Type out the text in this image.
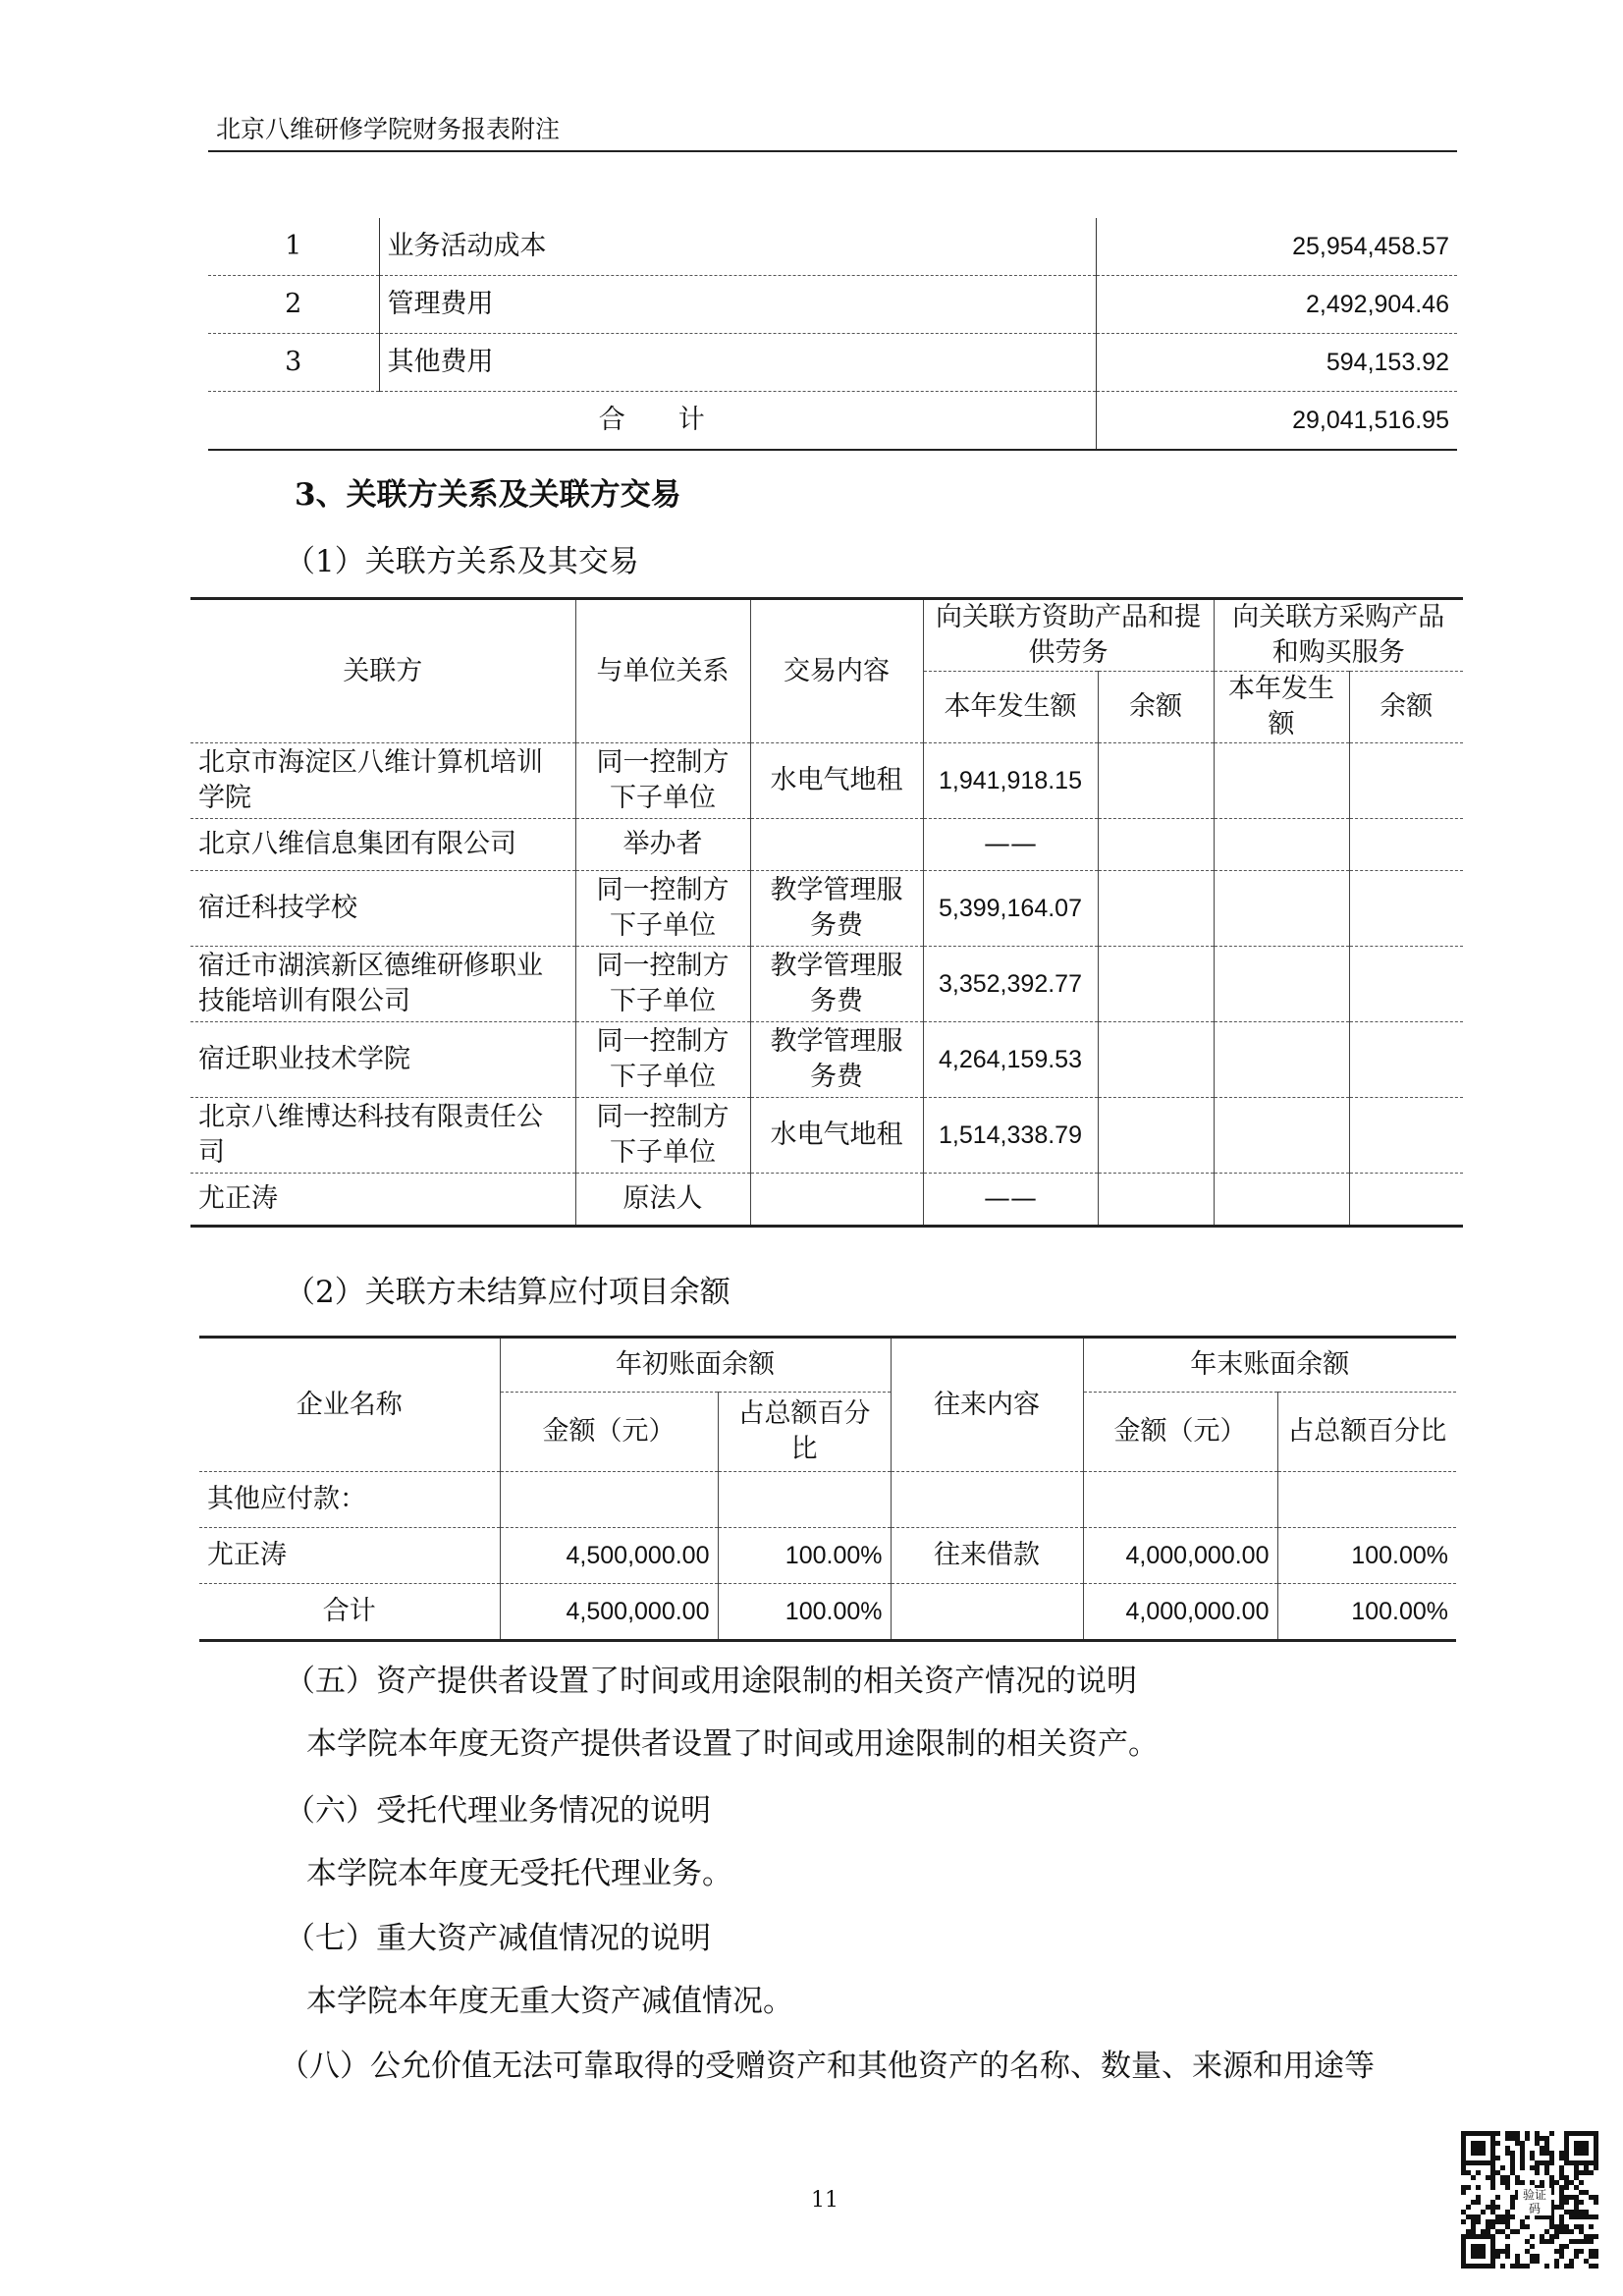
北京八维研修学院财务报表附注
1	业务活动成本	25,954,458.57
2	管理费用	2,492,904.46
3	其他费用	594,153.92
合　　计		29,041,516.95
3、关联方关系及关联方交易
（1）关联方关系及其交易
关联方	与单位关系	交易内容	向关联方资助产品和提供劳务		向关联方采购产品和购买服务	
			本年发生额	余额	本年发生额	余额
北京市海淀区八维计算机培训学院	同一控制方下子单位	水电气地租	1,941,918.15			
北京八维信息集团有限公司	举办者		——			
宿迁科技学校	同一控制方下子单位	教学管理服务费	5,399,164.07			
宿迁市湖滨新区德维研修职业技能培训有限公司	同一控制方下子单位	教学管理服务费	3,352,392.77			
宿迁职业技术学院	同一控制方下子单位	教学管理服务费	4,264,159.53			
北京八维博达科技有限责任公司	同一控制方下子单位	水电气地租	1,514,338.79			
尤正涛	原法人		——			
（2）关联方未结算应付项目余额
企业名称	年初账面余额		往来内容	年末账面余额	
	金额（元）	占总额百分比		金额（元）	占总额百分比
其他应付款：					
尤正涛	4,500,000.00	100.00%	往来借款	4,000,000.00	100.00%
合计	4,500,000.00	100.00%		4,000,000.00	100.00%
（五）资产提供者设置了时间或用途限制的相关资产情况的说明
本学院本年度无资产提供者设置了时间或用途限制的相关资产。
（六）受托代理业务情况的说明
本学院本年度无受托代理业务。
（七）重大资产减值情况的说明
本学院本年度无重大资产减值情况。
（八）公允价值无法可靠取得的受赠资产和其他资产的名称、数量、来源和用途等
11	验证码
